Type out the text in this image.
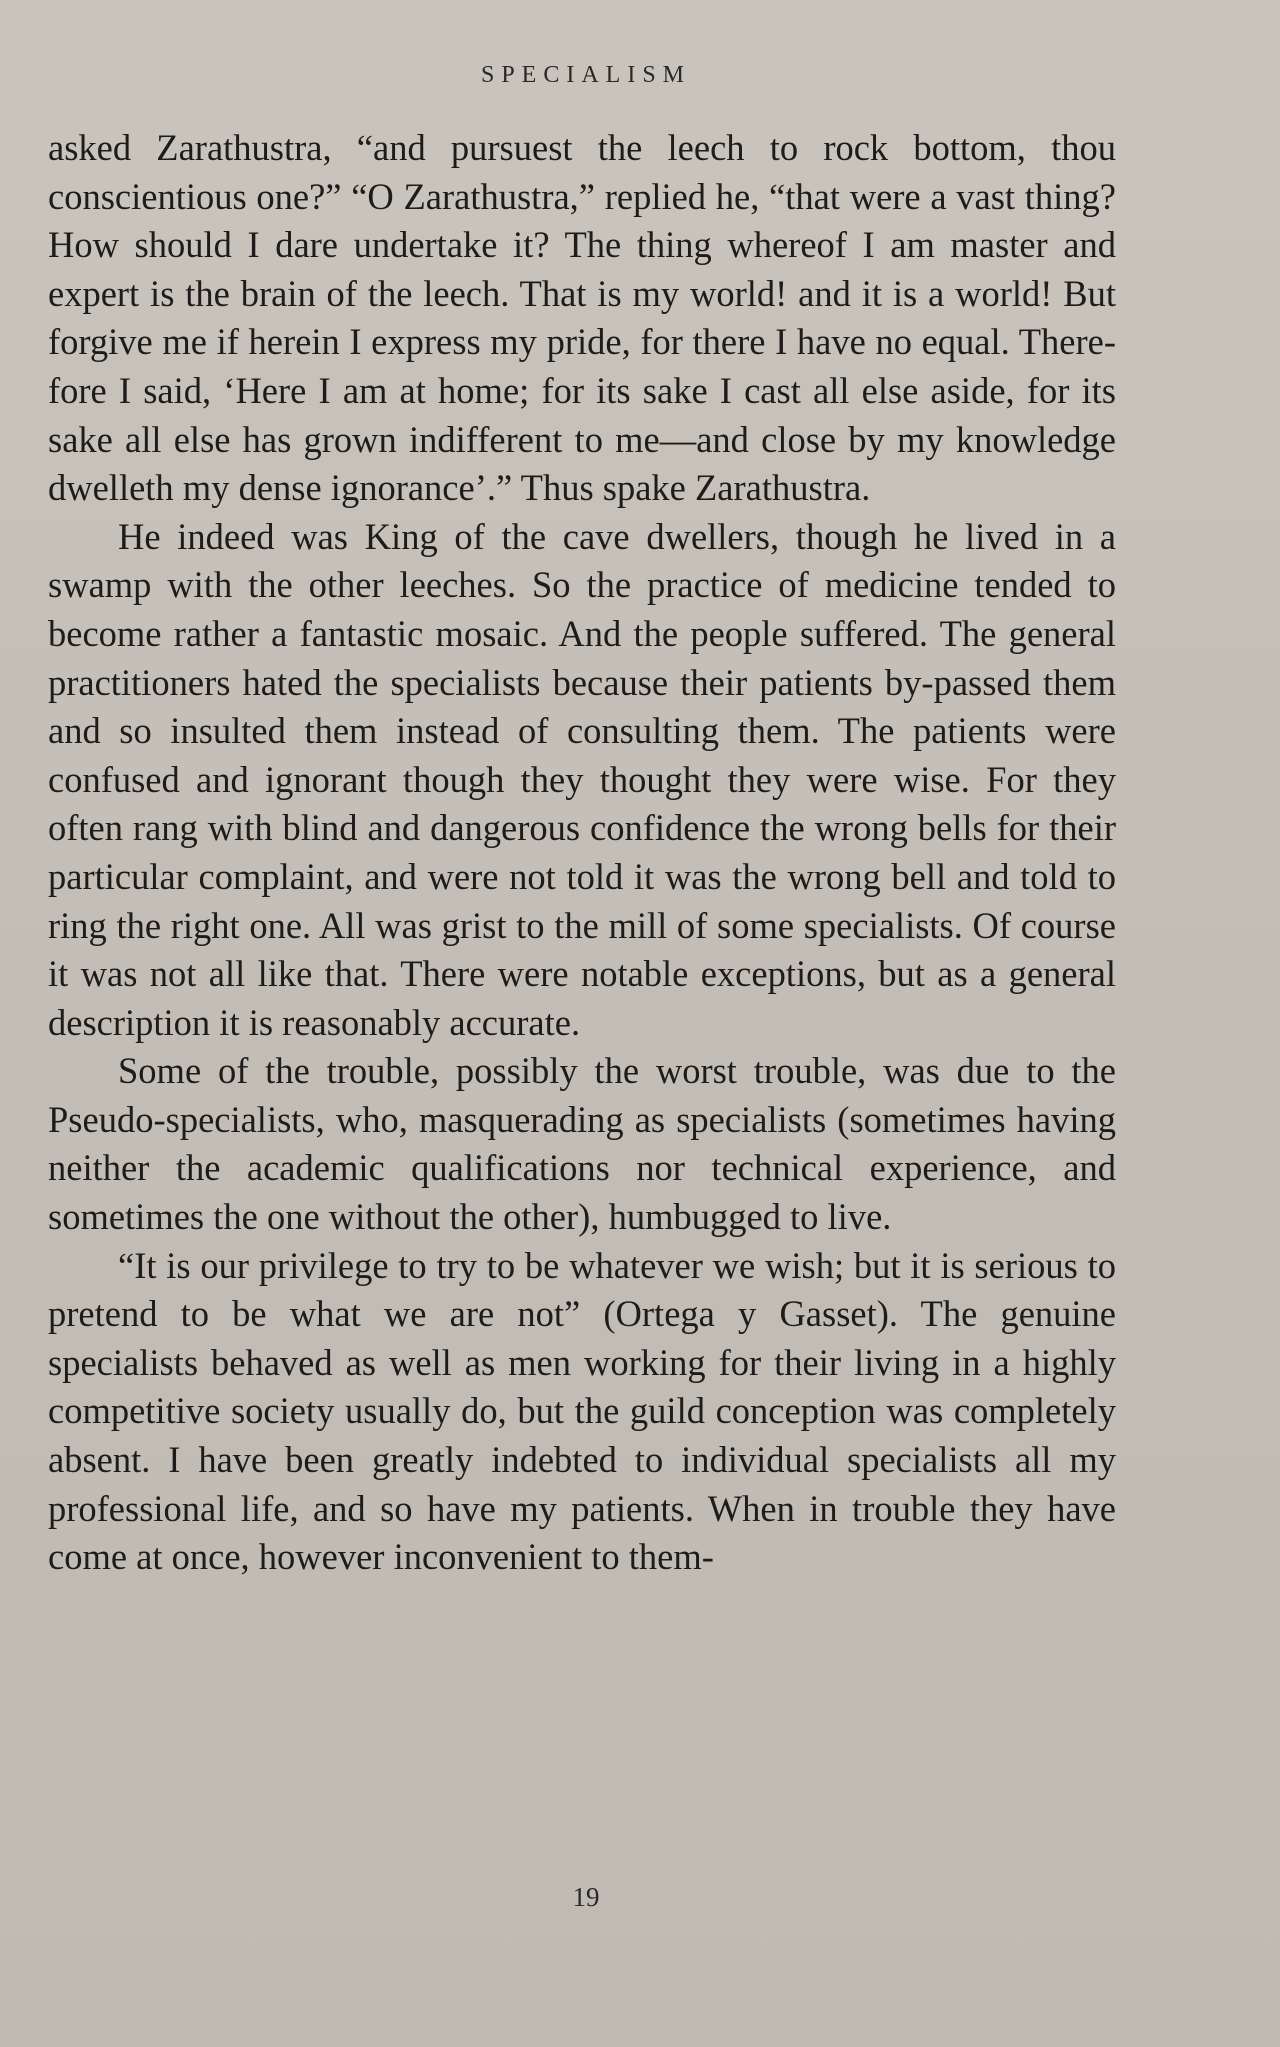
SPECIALISM

asked Zarathustra, “and pursuest the leech to rock bottom, thou conscientious one?” “O Zarathustra,” replied he, “that were a vast thing? How should I dare undertake it? The thing whereof I am master and expert is the brain of the leech. That is my world! and it is a world! But forgive me if herein I express my pride, for there I have no equal. There-fore I said, ‘Here I am at home; for its sake I cast all else aside, for its sake all else has grown indifferent to me—and close by my knowledge dwelleth my dense ignorance’.” Thus spake Zarathustra.

He indeed was King of the cave dwellers, though he lived in a swamp with the other leeches. So the practice of medicine tended to become rather a fantastic mosaic. And the people suffered. The general practitioners hated the specialists because their patients by-passed them and so insulted them instead of consulting them. The patients were confused and ignorant though they thought they were wise. For they often rang with blind and dangerous confidence the wrong bells for their particular complaint, and were not told it was the wrong bell and told to ring the right one. All was grist to the mill of some specialists. Of course it was not all like that. There were notable exceptions, but as a general description it is reasonably accurate.

Some of the trouble, possibly the worst trouble, was due to the Pseudo-specialists, who, masquerading as specialists (sometimes having neither the academic qualifications nor technical experience, and sometimes the one without the other), humbugged to live.

“It is our privilege to try to be whatever we wish; but it is serious to pretend to be what we are not” (Ortega y Gasset). The genuine specialists behaved as well as men working for their living in a highly competitive society usually do, but the guild conception was completely absent. I have been greatly indebted to individual specialists all my professional life, and so have my patients. When in trouble they have come at once, however inconvenient to them-

19
